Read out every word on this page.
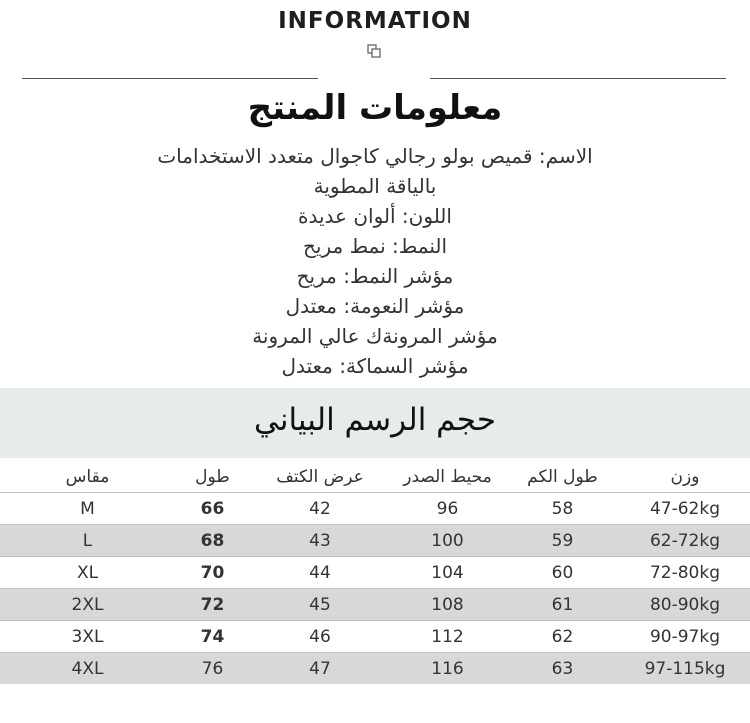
INFORMATION
معلومات المنتج
الاسم: قميص بولو رجالي كاجوال متعدد الاستخدامات
بالياقة المطوية
اللون: ألوان عديدة
النمط: نمط مريح
مؤشر النمط: مريح
مؤشر النعومة: معتدل
مؤشر المرونةك عالي المرونة
مؤشر السماكة: معتدل
حجم الرسم البياني
مقاس	طول	عرض الكتف	محيط الصدر	طول الكم	وزن
M	66	42	96	58	47-62kg
L	68	43	100	59	62-72kg
XL	70	44	104	60	72-80kg
2XL	72	45	108	61	80-90kg
3XL	74	46	112	62	90-97kg
4XL	76	47	116	63	97-115kg
